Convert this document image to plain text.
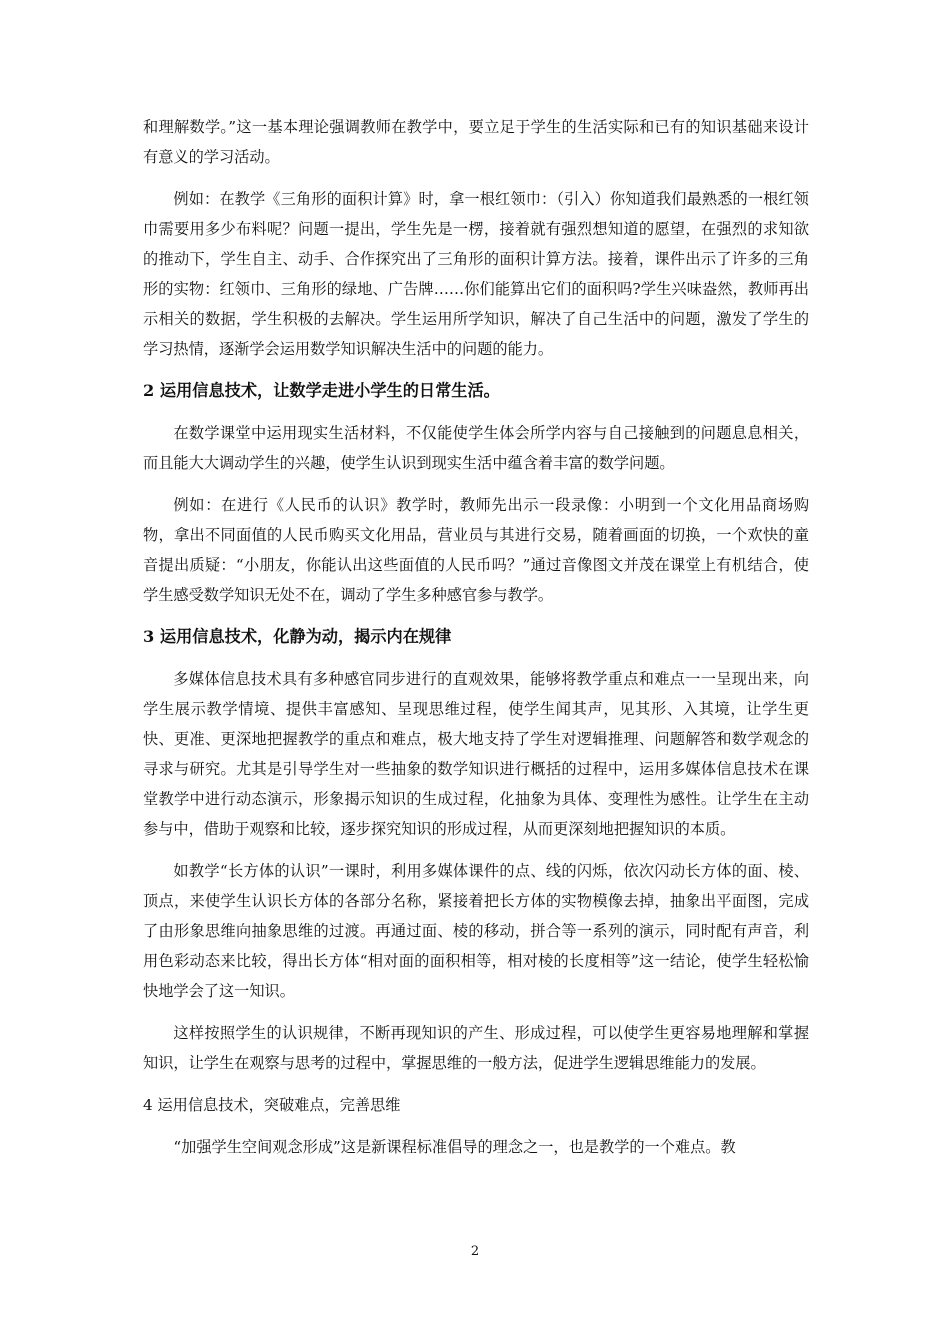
和理解数学。”这一基本理论强调教师在教学中，要立足于学生的生活实际和已有的知识基础来设计有意义的学习活动。

例如：在教学《三角形的面积计算》时，拿一根红领巾：（引入）你知道我们最熟悉的一根红领巾需要用多少布料呢？问题一提出，学生先是一楞，接着就有强烈想知道的愿望，在强烈的求知欲的推动下，学生自主、动手、合作探究出了三角形的面积计算方法。接着，课件出示了许多的三角形的实物：红领巾、三角形的绿地、广告牌……你们能算出它们的面积吗?学生兴味盎然，教师再出示相关的数据，学生积极的去解决。学生运用所学知识，解决了自己生活中的问题，激发了学生的学习热情，逐渐学会运用数学知识解决生活中的问题的能力。

2 运用信息技术，让数学走进小学生的日常生活。

在数学课堂中运用现实生活材料，不仅能使学生体会所学内容与自己接触到的问题息息相关，而且能大大调动学生的兴趣，使学生认识到现实生活中蕴含着丰富的数学问题。

例如：在进行《人民币的认识》教学时，教师先出示一段录像：小明到一个文化用品商场购物，拿出不同面值的人民币购买文化用品，营业员与其进行交易，随着画面的切换，一个欢快的童音提出质疑：“小朋友，你能认出这些面值的人民币吗？”通过音像图文并茂在课堂上有机结合，使学生感受数学知识无处不在，调动了学生多种感官参与教学。

3 运用信息技术，化静为动，揭示内在规律

多媒体信息技术具有多种感官同步进行的直观效果，能够将教学重点和难点一一呈现出来，向学生展示教学情境、提供丰富感知、呈现思维过程，使学生闻其声，见其形、入其境，让学生更快、更准、更深地把握教学的重点和难点，极大地支持了学生对逻辑推理、问题解答和数学观念的寻求与研究。尤其是引导学生对一些抽象的数学知识进行概括的过程中，运用多媒体信息技术在课堂教学中进行动态演示，形象揭示知识的生成过程，化抽象为具体、变理性为感性。让学生在主动参与中，借助于观察和比较，逐步探究知识的形成过程，从而更深刻地把握知识的本质。

如教学“长方体的认识”一课时，利用多媒体课件的点、线的闪烁，依次闪动长方体的面、棱、顶点，来使学生认识长方体的各部分名称，紧接着把长方体的实物模像去掉，抽象出平面图，完成了由形象思维向抽象思维的过渡。再通过面、棱的移动，拼合等一系列的演示，同时配有声音，利用色彩动态来比较，得出长方体“相对面的面积相等，相对棱的长度相等”这一结论，使学生轻松愉快地学会了这一知识。

这样按照学生的认识规律，不断再现知识的产生、形成过程，可以使学生更容易地理解和掌握知识，让学生在观察与思考的过程中，掌握思维的一般方法，促进学生逻辑思维能力的发展。

4 运用信息技术，突破难点，完善思维

“加强学生空间观念形成”这是新课程标准倡导的理念之一，也是教学的一个难点。教

2
